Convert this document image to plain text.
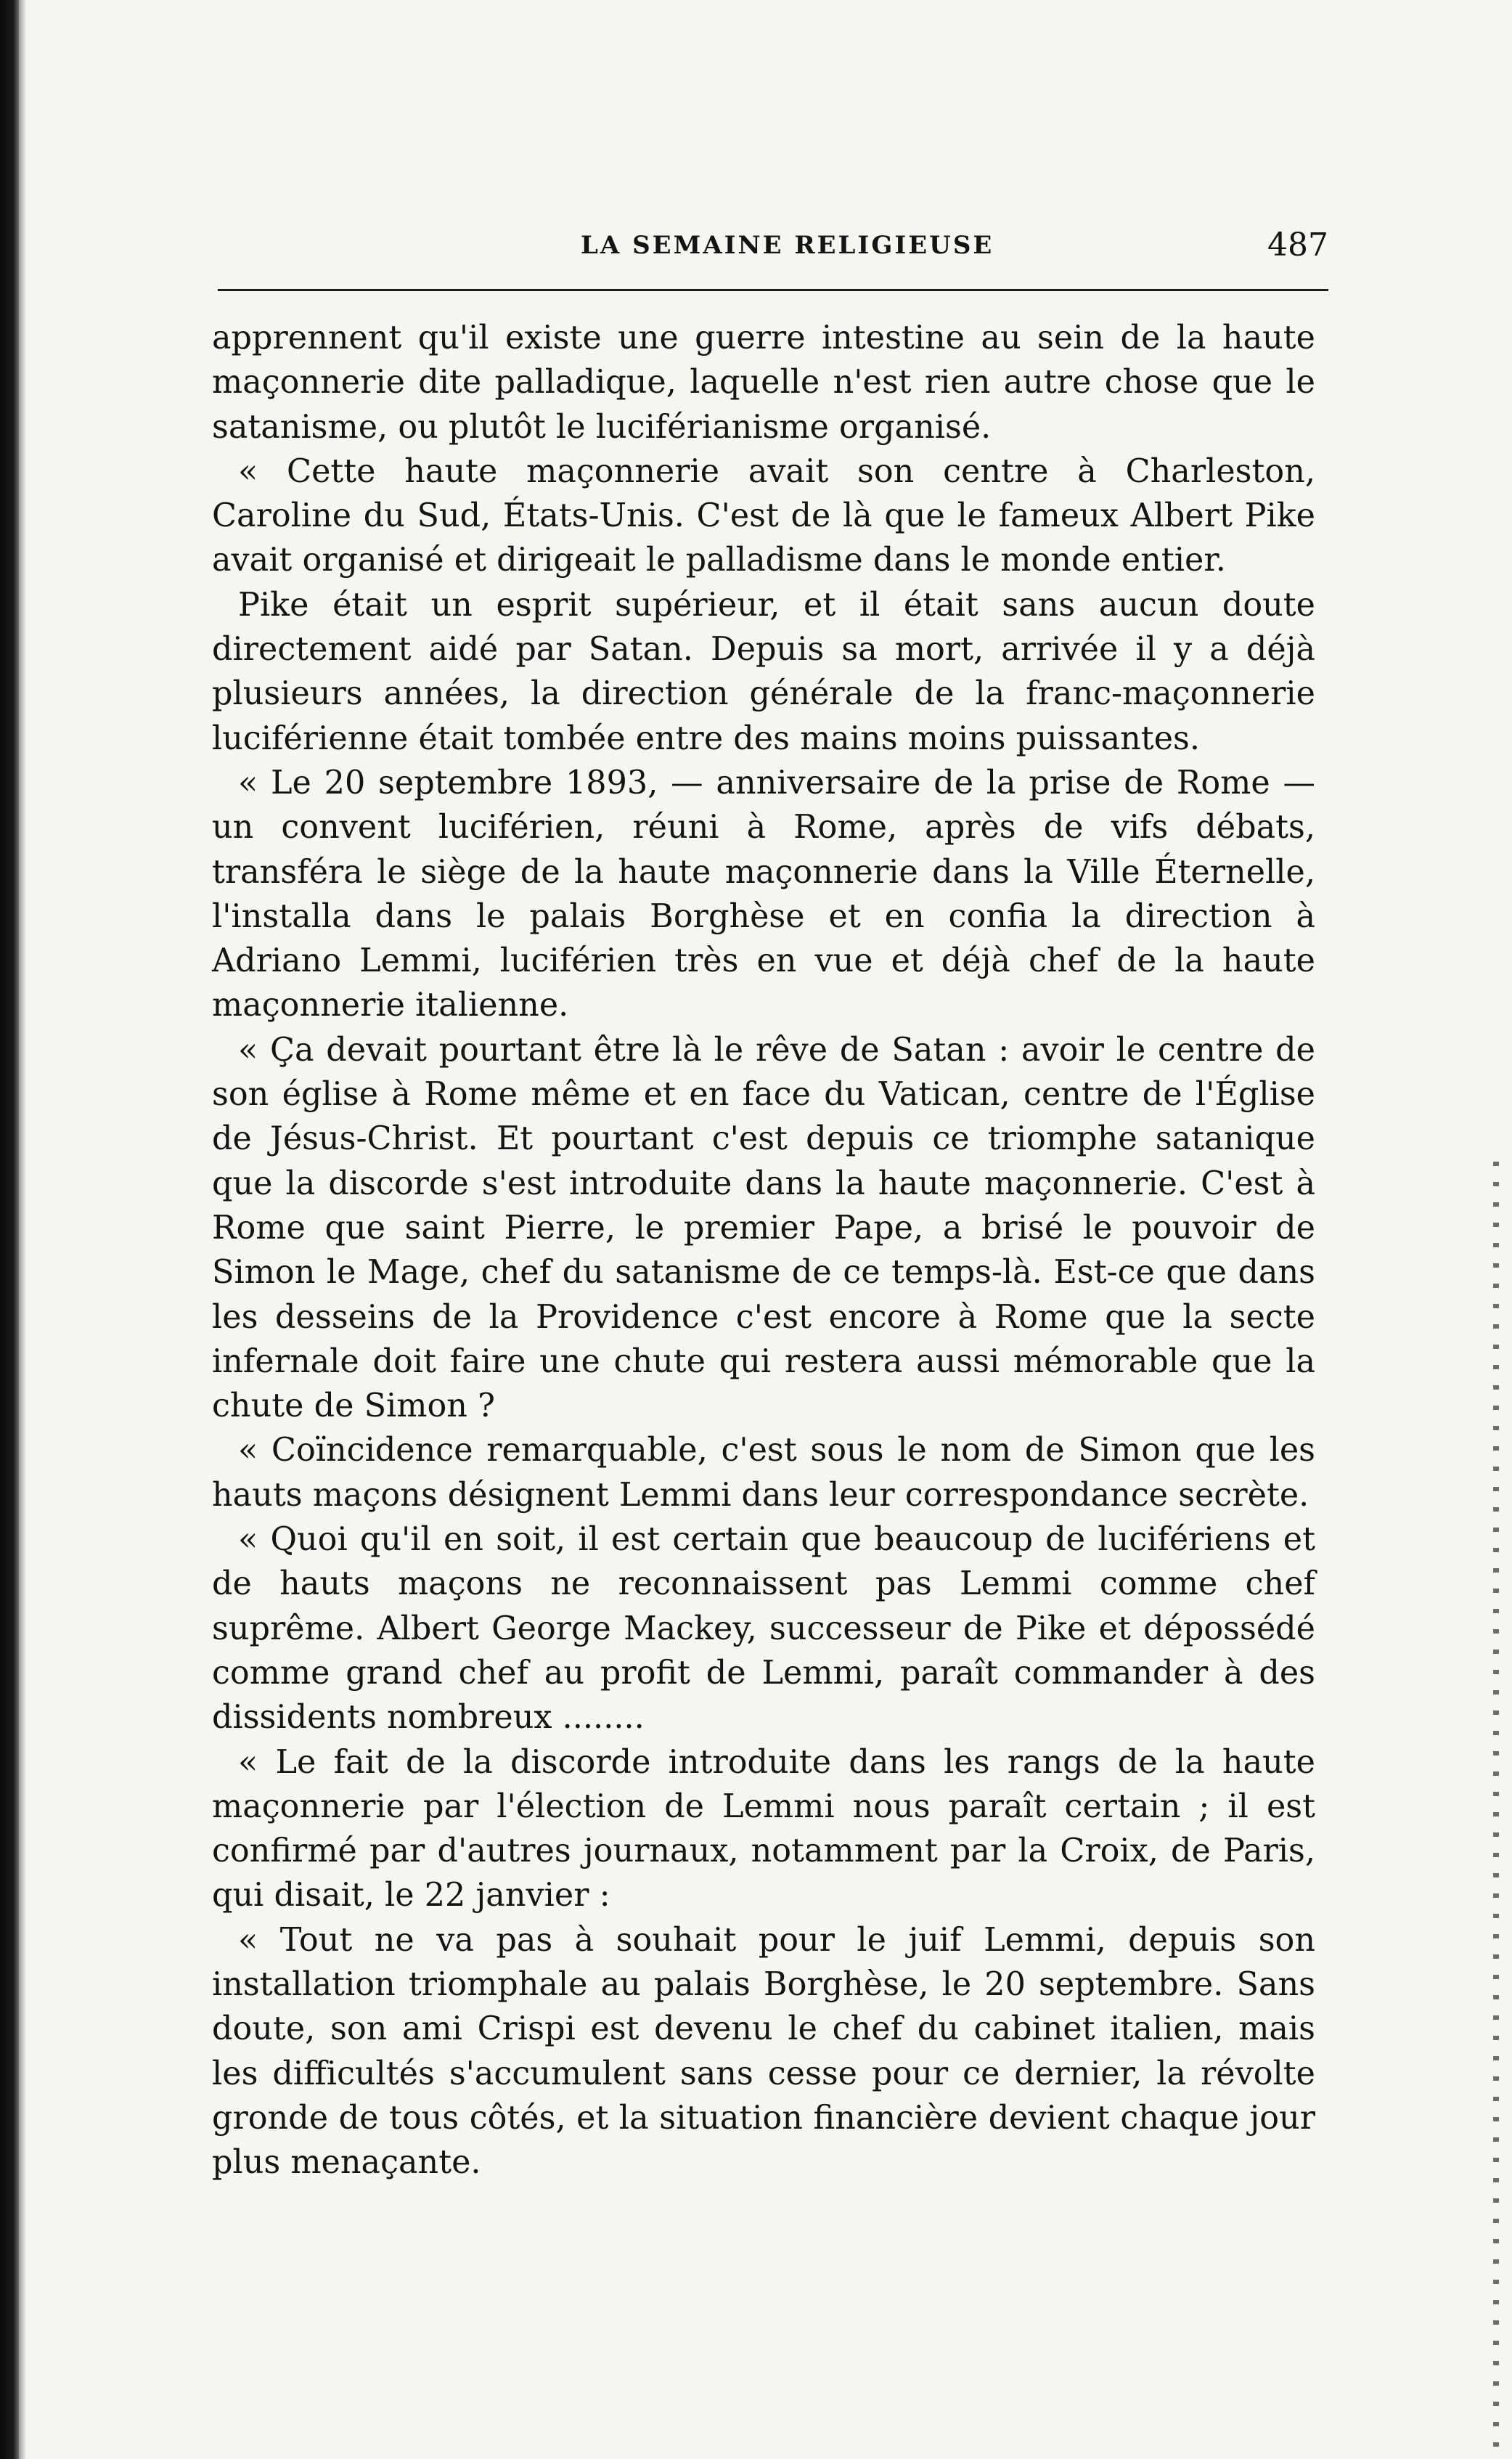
LA SEMAINE RELIGIEUSE	487

apprennent qu'il existe une guerre intestine au sein de la haute maçonnerie dite palladique, laquelle n'est rien autre chose que le satanisme, ou plutôt le luciférianisme organisé.

« Cette haute maçonnerie avait son centre à Charleston, Caroline du Sud, États-Unis. C'est de là que le fameux Albert Pike avait organisé et dirigeait le palladisme dans le monde entier.

Pike était un esprit supérieur, et il était sans aucun doute directement aidé par Satan. Depuis sa mort, arrivée il y a déjà plusieurs années, la direction générale de la franc-maçonnerie luciférienne était tombée entre des mains moins puissantes.

« Le 20 septembre 1893, — anniversaire de la prise de Rome — un convent luciférien, réuni à Rome, après de vifs débats, transféra le siège de la haute maçonnerie dans la Ville Éternelle, l'installa dans le palais Borghèse et en confia la direction à Adriano Lemmi, luciférien très en vue et déjà chef de la haute maçonnerie italienne.

« Ça devait pourtant être là le rêve de Satan : avoir le centre de son église à Rome même et en face du Vatican, centre de l'Église de Jésus-Christ. Et pourtant c'est depuis ce triomphe satanique que la discorde s'est introduite dans la haute maçonnerie. C'est à Rome que saint Pierre, le premier Pape, a brisé le pouvoir de Simon le Mage, chef du satanisme de ce temps-là. Est-ce que dans les desseins de la Providence c'est encore à Rome que la secte infernale doit faire une chute qui restera aussi mémorable que la chute de Simon ?

« Coïncidence remarquable, c'est sous le nom de Simon que les hauts maçons désignent Lemmi dans leur correspondance secrète.

« Quoi qu'il en soit, il est certain que beaucoup de lucifériens et de hauts maçons ne reconnaissent pas Lemmi comme chef suprême. Albert George Mackey, successeur de Pike et dépossédé comme grand chef au profit de Lemmi, paraît commander à des dissidents nombreux ........

« Le fait de la discorde introduite dans les rangs de la haute maçonnerie par l'élection de Lemmi nous paraît certain ; il est confirmé par d'autres journaux, notamment par la Croix, de Paris, qui disait, le 22 janvier :

« Tout ne va pas à souhait pour le juif Lemmi, depuis son installation triomphale au palais Borghèse, le 20 septembre. Sans doute, son ami Crispi est devenu le chef du cabinet italien, mais les difficultés s'accumulent sans cesse pour ce dernier, la révolte gronde de tous côtés, et la situation financière devient chaque jour plus menaçante.
